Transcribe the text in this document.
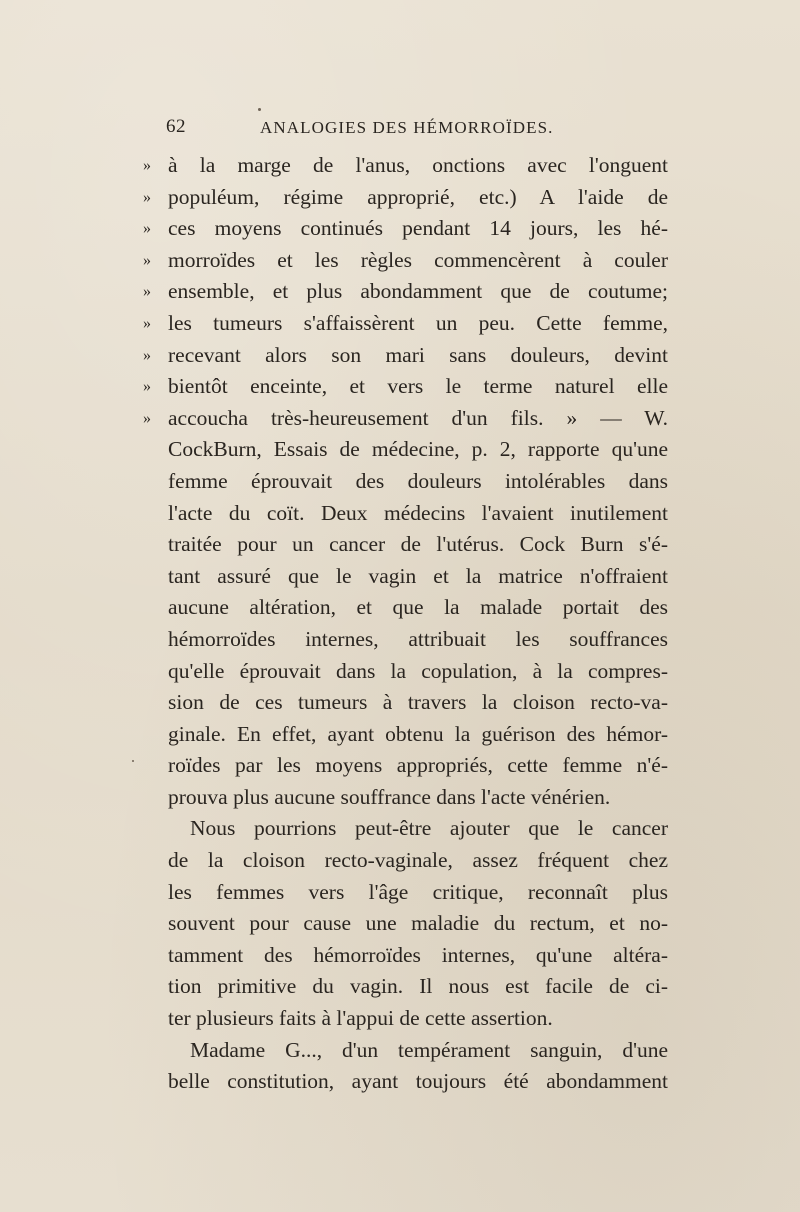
62	ANALOGIES DES HÉMORROÏDES.
» à la marge de l'anus, onctions avec l'onguent
» populéum, régime approprié, etc.) A l'aide de
» ces moyens continués pendant 14 jours, les hé-
» morroïdes et les règles commencèrent à couler
» ensemble, et plus abondamment que de coutume;
» les tumeurs s'affaissèrent un peu. Cette femme,
» recevant alors son mari sans douleurs, devint
» bientôt enceinte, et vers le terme naturel elle
» accoucha très-heureusement d'un fils. » — W.
CockBurn, Essais de médecine, p. 2, rapporte qu'une
femme éprouvait des douleurs intolérables dans
l'acte du coït. Deux médecins l'avaient inutilement
traitée pour un cancer de l'utérus. Cock Burn s'é-
tant assuré que le vagin et la matrice n'offraient
aucune altération, et que la malade portait des
hémorroïdes internes, attribuait les souffrances
qu'elle éprouvait dans la copulation, à la compres-
sion de ces tumeurs à travers la cloison recto-va-
ginale. En effet, ayant obtenu la guérison des hémor-
roïdes par les moyens appropriés, cette femme n'é-
prouva plus aucune souffrance dans l'acte vénérien.
Nous pourrions peut-être ajouter que le cancer
de la cloison recto-vaginale, assez fréquent chez
les femmes vers l'âge critique, reconnaît plus
souvent pour cause une maladie du rectum, et no-
tamment des hémorroïdes internes, qu'une altéra-
tion primitive du vagin. Il nous est facile de ci-
ter plusieurs faits à l'appui de cette assertion.
Madame G..., d'un tempérament sanguin, d'une
belle constitution, ayant toujours été abondamment
